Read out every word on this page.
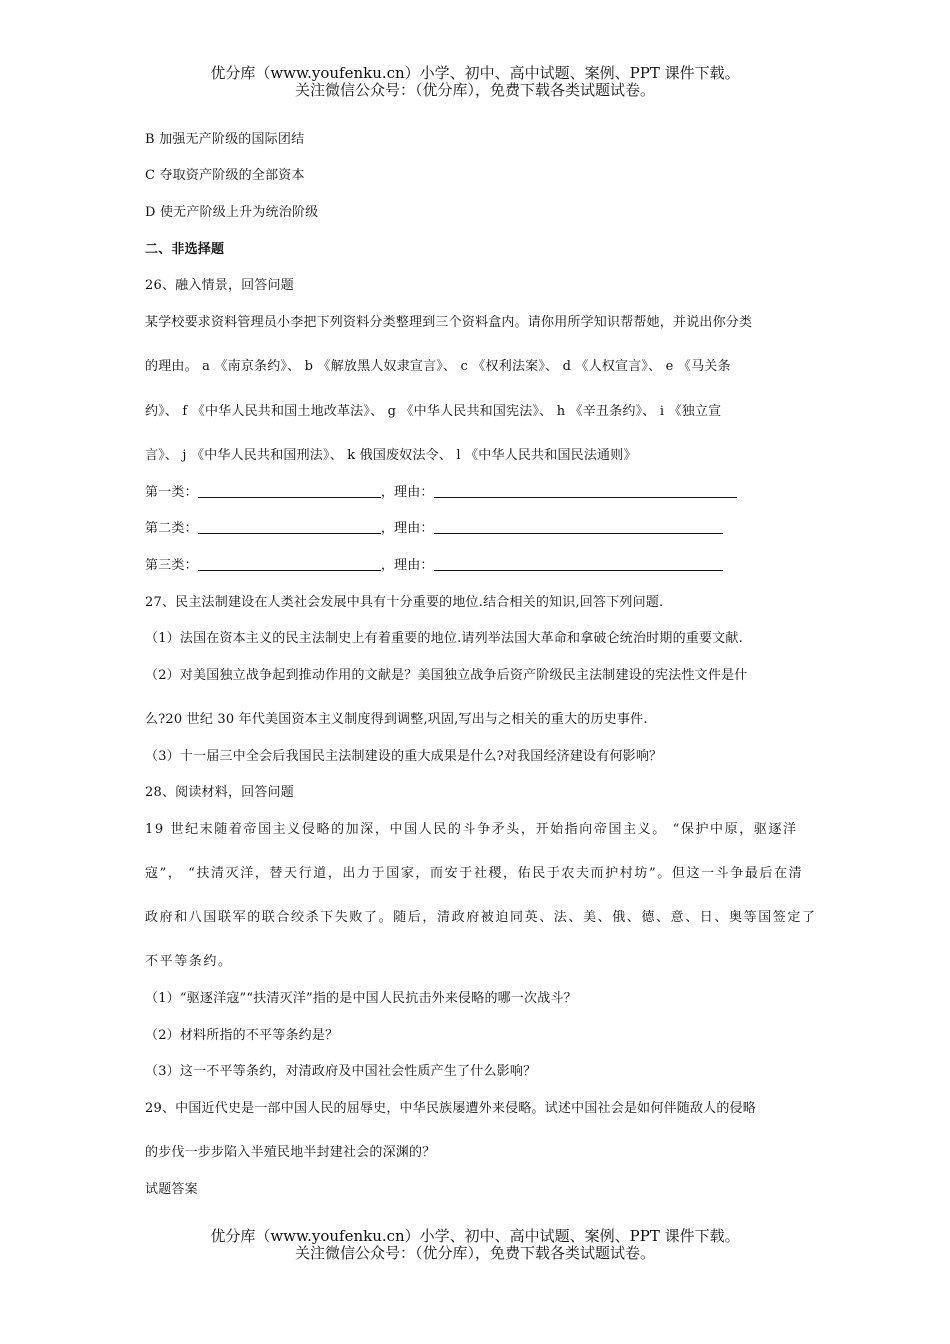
优分库（www.youfenku.cn）小学、初中、高中试题、案例、PPT 课件下载。
关注微信公众号：（优分库），免费下载各类试题试卷。
B 加强无产阶级的国际团结
C 夺取资产阶级的全部资本
D 使无产阶级上升为统治阶级
二、非选择题
26、融入情景，回答问题
某学校要求资料管理员小李把下列资料分类整理到三个资料盒内。请你用所学知识帮帮她，并说出你分类
的理由。 a 《南京条约》、 b 《解放黑人奴隶宣言》、 c 《权利法案》、 d 《人权宣言》、 e 《马关条
约》、 f 《中华人民共和国土地改革法》、 g 《中华人民共和国宪法》、 h 《辛丑条约》、 i 《独立宣
言》、 j 《中华人民共和国刑法》、 k 俄国废奴法令、 l 《中华人民共和国民法通则》
第一类：	，理由：
第二类：	，理由：
第三类：	，理由：
27、民主法制建设在人类社会发展中具有十分重要的地位.结合相关的知识,回答下列问题.
（1）法国在资本主义的民主法制史上有着重要的地位.请列举法国大革命和拿破仑统治时期的重要文献.
（2）对美国独立战争起到推动作用的文献是？美国独立战争后资产阶级民主法制建设的宪法性文件是什
么?20 世纪 30 年代美国资本主义制度得到调整,巩固,写出与之相关的重大的历史事件.
（3）十一届三中全会后我国民主法制建设的重大成果是什么?对我国经济建设有何影响？
28、阅读材料，回答问题
19 世纪末随着帝国主义侵略的加深，中国人民的斗争矛头，开始指向帝国主义。 “保护中原，驱逐洋
寇”， “扶清灭洋，替天行道，出力于国家，而安于社稷，佑民于农夫而护村坊”。但这一斗争最后在清
政府和八国联军的联合绞杀下失败了。随后，清政府被迫同英、法、美、俄、德、意、日、奥等国签定了
不平等条约。
（1）“驱逐洋寇”“扶清灭洋”指的是中国人民抗击外来侵略的哪一次战斗？
（2）材料所指的不平等条约是？
（3）这一不平等条约，对清政府及中国社会性质产生了什么影响？
29、中国近代史是一部中国人民的屈辱史，中华民族屡遭外来侵略。试述中国社会是如何伴随敌人的侵略
的步伐一步步陷入半殖民地半封建社会的深渊的？
试题答案
优分库（www.youfenku.cn）小学、初中、高中试题、案例、PPT 课件下载。
关注微信公众号：（优分库），免费下载各类试题试卷。
